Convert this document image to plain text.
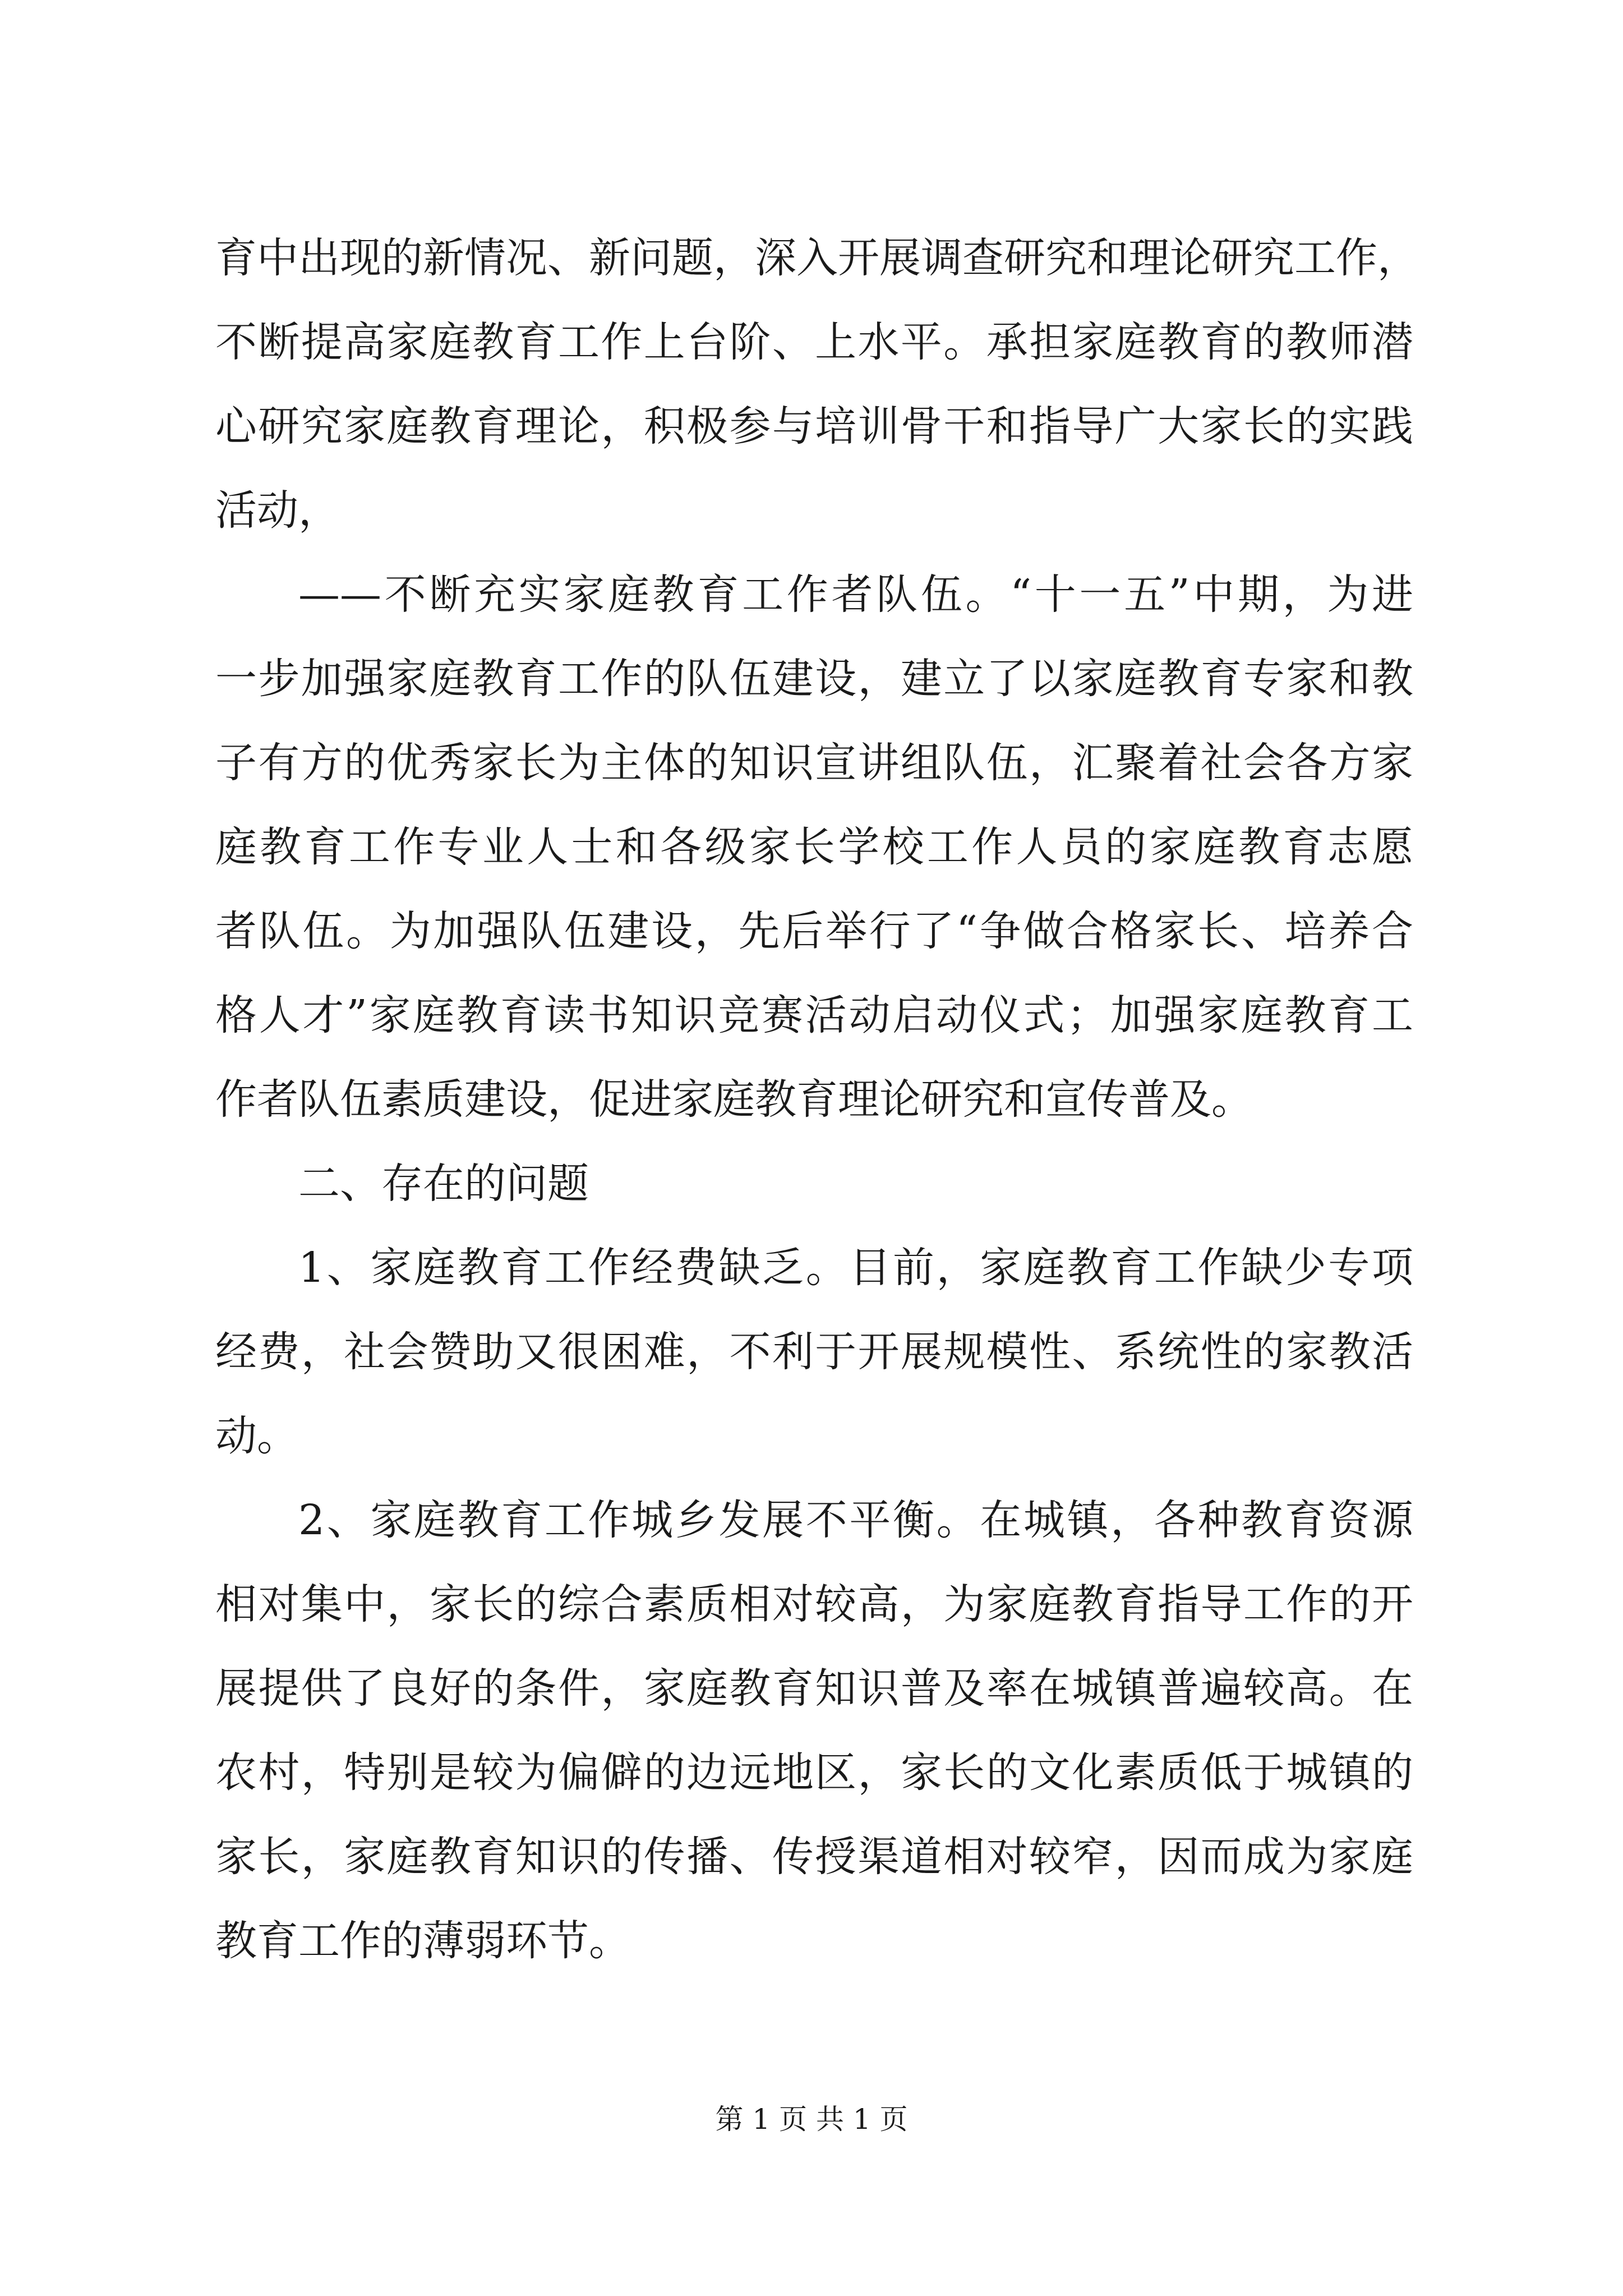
育中出现的新情况、新问题，深入开展调查研究和理论研究工作，
不断提高家庭教育工作上台阶、上水平。承担家庭教育的教师潜
心研究家庭教育理论，积极参与培训骨干和指导广大家长的实践
活动，
——不断充实家庭教育工作者队伍。“十一五”中期，为进
一步加强家庭教育工作的队伍建设，建立了以家庭教育专家和教
子有方的优秀家长为主体的知识宣讲组队伍，汇聚着社会各方家
庭教育工作专业人士和各级家长学校工作人员的家庭教育志愿
者队伍。为加强队伍建设，先后举行了“争做合格家长、培养合
格人才”家庭教育读书知识竞赛活动启动仪式；加强家庭教育工
作者队伍素质建设，促进家庭教育理论研究和宣传普及。
二、存在的问题
1、家庭教育工作经费缺乏。目前，家庭教育工作缺少专项
经费，社会赞助又很困难，不利于开展规模性、系统性的家教活
动。
2、家庭教育工作城乡发展不平衡。在城镇，各种教育资源
相对集中，家长的综合素质相对较高，为家庭教育指导工作的开
展提供了良好的条件，家庭教育知识普及率在城镇普遍较高。在
农村，特别是较为偏僻的边远地区，家长的文化素质低于城镇的
家长，家庭教育知识的传播、传授渠道相对较窄，因而成为家庭
教育工作的薄弱环节。
第 1 页 共 1 页
